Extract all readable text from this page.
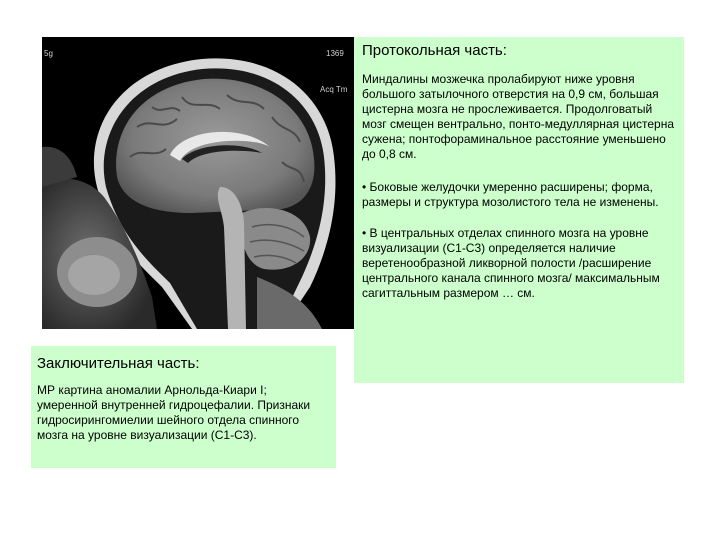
5g	1369
Acq Tm

Протокольная часть:

Миндалины мозжечка пролабируют ниже уровня большого затылочного отверстия на 0,9 см, большая цистерна мозга не прослеживается. Продолговатый мозг смещен вентрально, понто-медуллярная цистерна сужена; понтофораминальное расстояние уменьшено до 0,8 см.

• Боковые желудочки умеренно расширены; форма, размеры и структура мозолистого тела не изменены.

• В центральных отделах спинного мозга на уровне визуализации (С1-С3) определяется наличие веретенообразной ликворной полости /расширение центрального канала спинного мозга/ максимальным сагиттальным размером … см.

Заключительная часть:

МР картина аномалии Арнольда-Киари I; умеренной внутренней гидроцефалии. Признаки гидросирингомиелии шейного отдела спинного мозга на уровне визуализации (С1-С3).
